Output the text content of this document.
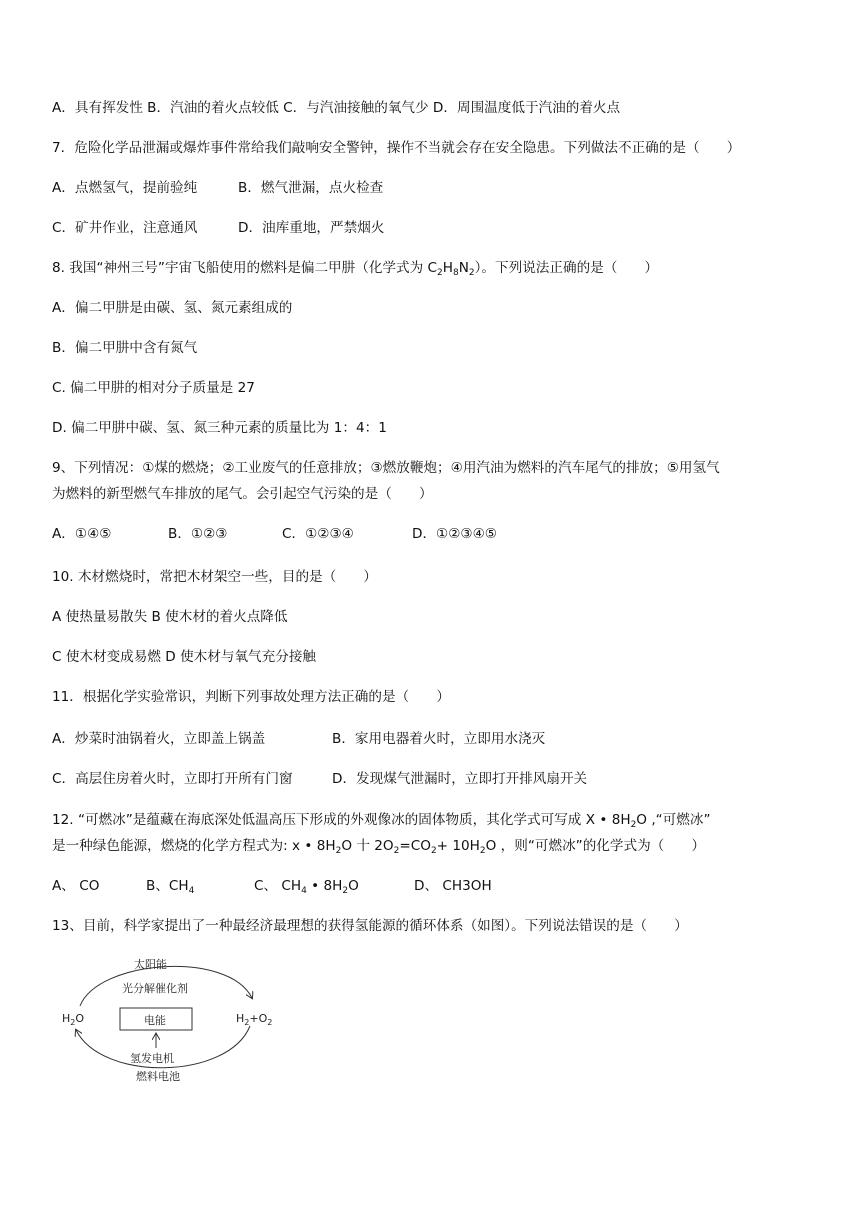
A．具有挥发性 B．汽油的着火点较低 C．与汽油接触的氧气少 D．周围温度低于汽油的着火点
7．危险化学品泄漏或爆炸事件常给我们敲响安全警钟，操作不当就会存在安全隐患。下列做法不正确的是（　　）
A．点燃氢气，提前验纯	B．燃气泄漏，点火检查
C．矿井作业，注意通风	D．油库重地，严禁烟火
8. 我国“神州三号”宇宙飞船使用的燃料是偏二甲肼（化学式为 $C_2H_8N_2$）。下列说法正确的是（　　）
A．偏二甲肼是由碳、氢、氮元素组成的
B．偏二甲肼中含有氮气
C. 偏二甲肼的相对分子质量是 27
D. 偏二甲肼中碳、氢、氮三种元素的质量比为 1：4：1
9、下列情况：①煤的燃烧；②工业废气的任意排放；③燃放鞭炮；④用汽油为燃料的汽车尾气的排放；⑤用氢气
为燃料的新型燃气车排放的尾气。会引起空气污染的是（　　）
A．①④⑤	B．①②③	C．①②③④	D．①②③④⑤
10. 木材燃烧时，常把木材架空一些，目的是（　　）
A 使热量易散失 B 使木材的着火点降低
C 使木材变成易燃 D 使木材与氧气充分接触
11．根据化学实验常识，判断下列事故处理方法正确的是（　　）
A．炒菜时油锅着火，立即盖上锅盖	B．家用电器着火时，立即用水浇灭
C．高层住房着火时，立即打开所有门窗	D．发现煤气泄漏时，立即打开排风扇开关
12. “可燃冰”是蕴藏在海底深处低温高压下形成的外观像冰的固体物质，其化学式可写成 X • $8H_2O$ ,“可燃冰”
是一种绿色能源，燃烧的化学方程式为: x • $8H_2O$ 十 $2O_2=CO_2+ 10H_2O$ ，则“可燃冰”的化学式为（　　）
A、 CO	B、$CH_4$	C、 $CH_4$ • $8H_2O$	D、 CH3OH
13、目前，科学家提出了一种最经济最理想的获得氢能源的循环体系（如图）。下列说法错误的是（　　）
太阳能
光分解催化剂
$H_2O$	$H_2+O_2$
电能
氢发电机
燃料电池
